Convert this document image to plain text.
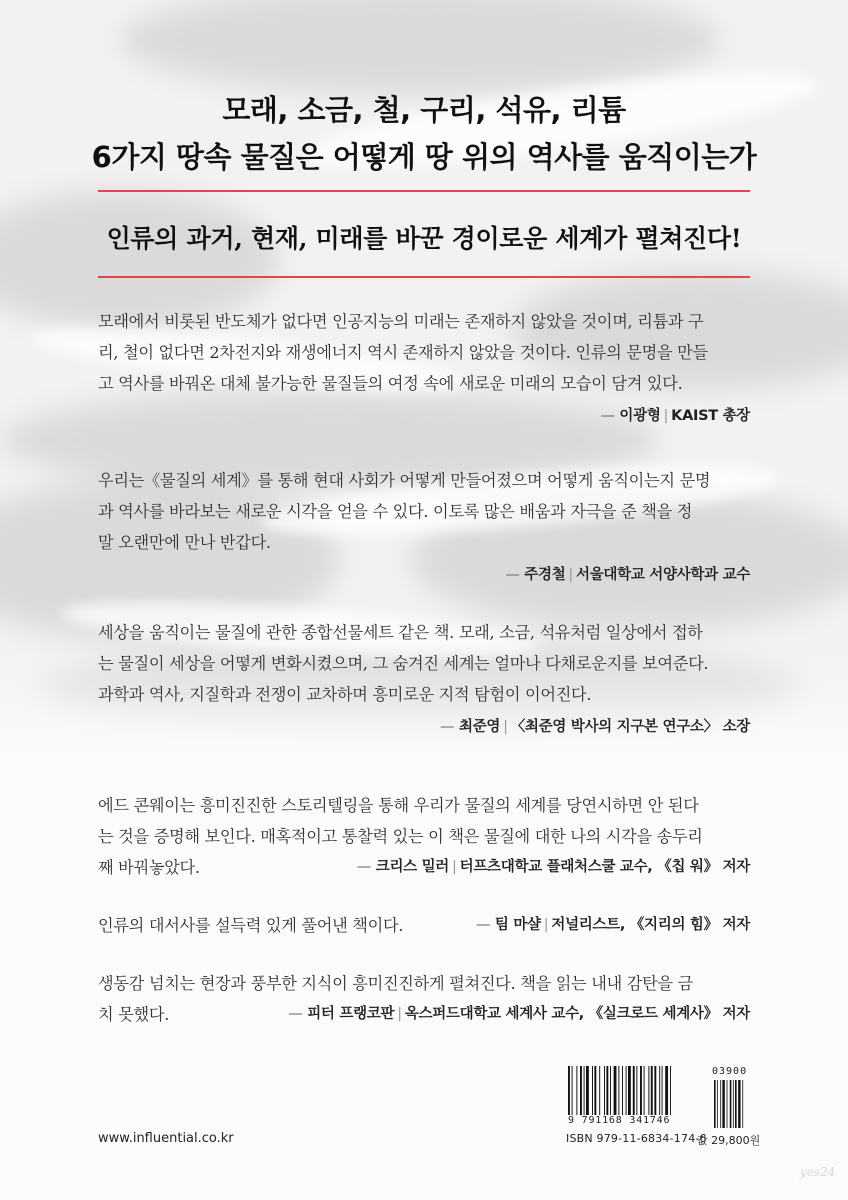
모래, 소금, 철, 구리, 석유, 리튬
6가지 땅속 물질은 어떻게 땅 위의 역사를 움직이는가
인류의 과거, 현재, 미래를 바꾼 경이로운 세계가 펼쳐진다!
모래에서 비롯된 반도체가 없다면 인공지능의 미래는 존재하지 않았을 것이며, 리튬과 구
리, 철이 없다면 2차전지와 재생에너지 역시 존재하지 않았을 것이다. 인류의 문명을 만들
고 역사를 바꿔온 대체 불가능한 물질들의 여정 속에 새로운 미래의 모습이 담겨 있다.
— 이광형 | KAIST 총장
우리는《물질의 세계》를 통해 현대 사회가 어떻게 만들어졌으며 어떻게 움직이는지 문명
과 역사를 바라보는 새로운 시각을 얻을 수 있다. 이토록 많은 배움과 자극을 준 책을 정
말 오랜만에 만나 반갑다.
— 주경철 | 서울대학교 서양사학과 교수
세상을 움직이는 물질에 관한 종합선물세트 같은 책. 모래, 소금, 석유처럼 일상에서 접하
는 물질이 세상을 어떻게 변화시켰으며, 그 숨겨진 세계는 얼마나 다채로운지를 보여준다.
과학과 역사, 지질학과 전쟁이 교차하며 흥미로운 지적 탐험이 이어진다.
— 최준영 | 〈최준영 박사의 지구본 연구소〉 소장
에드 콘웨이는 흥미진진한 스토리텔링을 통해 우리가 물질의 세계를 당연시하면 안 된다
는 것을 증명해 보인다. 매혹적이고 통찰력 있는 이 책은 물질에 대한 나의 시각을 송두리
째 바꿔놓았다.	— 크리스 밀러 | 터프츠대학교 플래처스쿨 교수, 《칩 워》 저자
인류의 대서사를 설득력 있게 풀어낸 책이다.	— 팀 마샬 | 저널리스트, 《지리의 힘》 저자
생동감 넘치는 현장과 풍부한 지식이 흥미진진하게 펼쳐진다. 책을 읽는 내내 감탄을 금
치 못했다.	— 피터 프랭코판 | 옥스퍼드대학교 세계사 교수, 《실크로드 세계사》 저자
www.influential.co.kr
9 791168 341746
03900
ISBN 979-11-6834-174-6
값 29,800원
yes24
